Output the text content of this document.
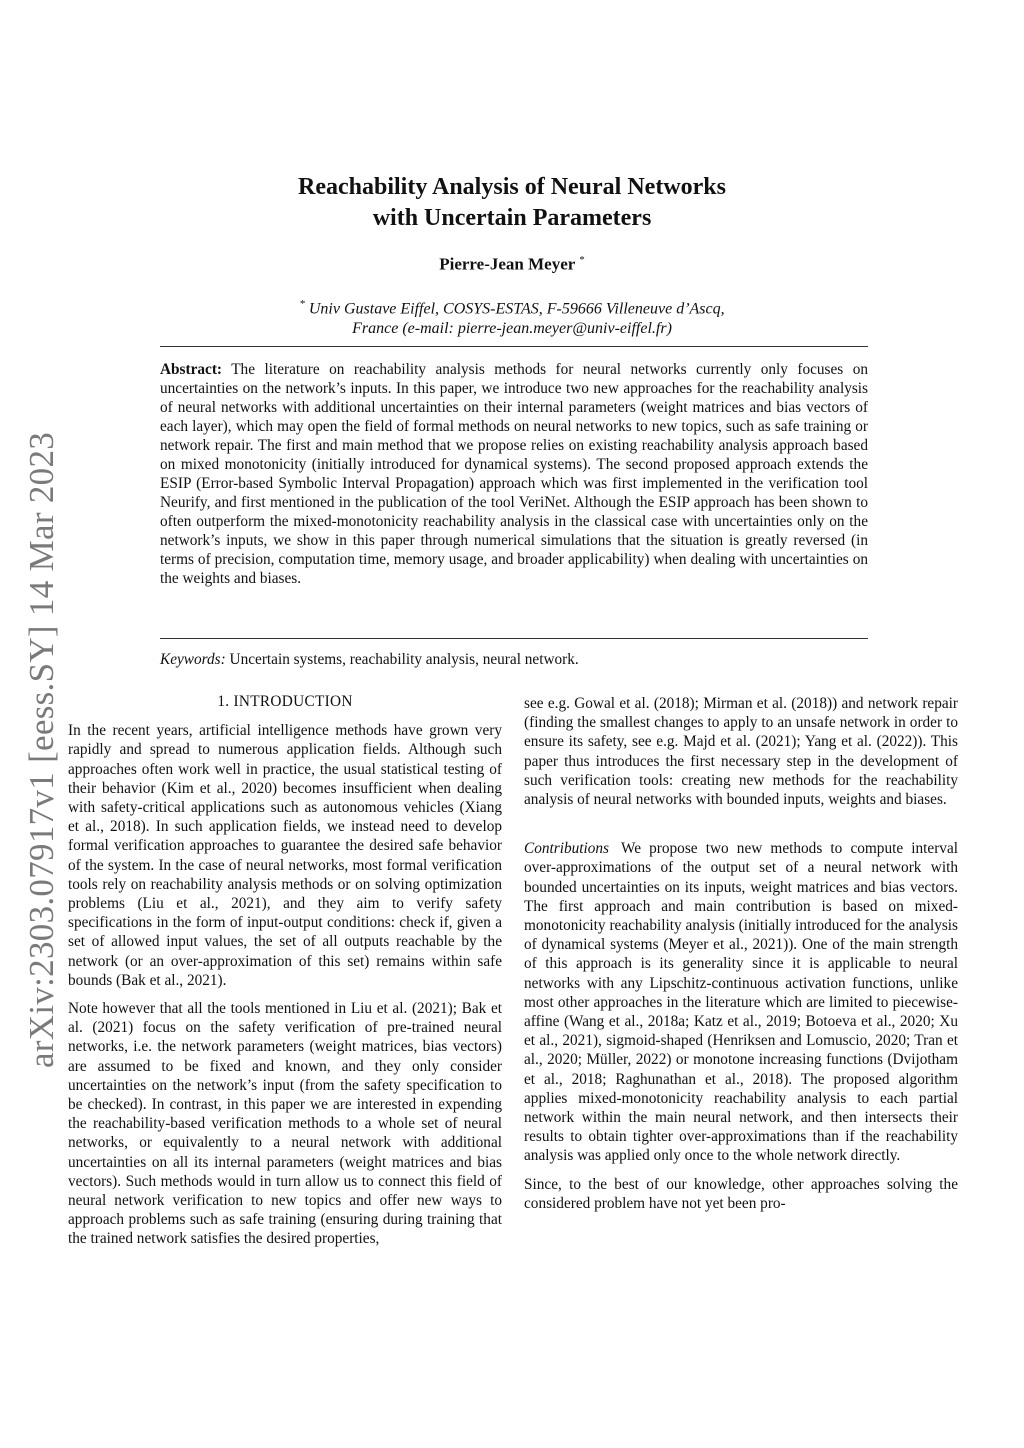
arXiv:2303.07917v1 [eess.SY] 14 Mar 2023
Reachability Analysis of Neural Networks
with Uncertain Parameters

Pierre-Jean Meyer *

* Univ Gustave Eiffel, COSYS-ESTAS, F-59666 Villeneuve d’Ascq,
France (e-mail: pierre-jean.meyer@univ-eiffel.fr)

Abstract: The literature on reachability analysis methods for neural networks currently only focuses on uncertainties on the network’s inputs. In this paper, we introduce two new approaches for the reachability analysis of neural networks with additional uncertainties on their internal parameters (weight matrices and bias vectors of each layer), which may open the field of formal methods on neural networks to new topics, such as safe training or network repair. The first and main method that we propose relies on existing reachability analysis approach based on mixed monotonicity (initially introduced for dynamical systems). The second proposed approach extends the ESIP (Error-based Symbolic Interval Propagation) approach which was first implemented in the verification tool Neurify, and first mentioned in the publication of the tool VeriNet. Although the ESIP approach has been shown to often outperform the mixed-monotonicity reachability analysis in the classical case with uncertainties only on the network’s inputs, we show in this paper through numerical simulations that the situation is greatly reversed (in terms of precision, computation time, memory usage, and broader applicability) when dealing with uncertainties on the weights and biases.

Keywords: Uncertain systems, reachability analysis, neural network.

1. INTRODUCTION

In the recent years, artificial intelligence methods have grown very rapidly and spread to numerous application fields. Although such approaches often work well in practice, the usual statistical testing of their behavior (Kim et al., 2020) becomes insufficient when dealing with safety-critical applications such as autonomous vehicles (Xiang et al., 2018). In such application fields, we instead need to develop formal verification approaches to guarantee the desired safe behavior of the system. In the case of neural networks, most formal verification tools rely on reachability analysis methods or on solving optimization problems (Liu et al., 2021), and they aim to verify safety specifications in the form of input-output conditions: check if, given a set of allowed input values, the set of all outputs reachable by the network (or an over-approximation of this set) remains within safe bounds (Bak et al., 2021).

Note however that all the tools mentioned in Liu et al. (2021); Bak et al. (2021) focus on the safety verification of pre-trained neural networks, i.e. the network parameters (weight matrices, bias vectors) are assumed to be fixed and known, and they only consider uncertainties on the network’s input (from the safety specification to be checked). In contrast, in this paper we are interested in expending the reachability-based verification methods to a whole set of neural networks, or equivalently to a neural network with additional uncertainties on all its internal parameters (weight matrices and bias vectors). Such methods would in turn allow us to connect this field of neural network verification to new topics and offer new ways to approach problems such as safe training (ensuring during training that the trained network satisfies the desired properties,

see e.g. Gowal et al. (2018); Mirman et al. (2018)) and network repair (finding the smallest changes to apply to an unsafe network in order to ensure its safety, see e.g. Majd et al. (2021); Yang et al. (2022)). This paper thus introduces the first necessary step in the development of such verification tools: creating new methods for the reachability analysis of neural networks with bounded inputs, weights and biases.

Contributions We propose two new methods to compute interval over-approximations of the output set of a neural network with bounded uncertainties on its inputs, weight matrices and bias vectors. The first approach and main contribution is based on mixed-monotonicity reachability analysis (initially introduced for the analysis of dynamical systems (Meyer et al., 2021)). One of the main strength of this approach is its generality since it is applicable to neural networks with any Lipschitz-continuous activation functions, unlike most other approaches in the literature which are limited to piecewise-affine (Wang et al., 2018a; Katz et al., 2019; Botoeva et al., 2020; Xu et al., 2021), sigmoid-shaped (Henriksen and Lomuscio, 2020; Tran et al., 2020; Müller, 2022) or monotone increasing functions (Dvijotham et al., 2018; Raghunathan et al., 2018). The proposed algorithm applies mixed-monotonicity reachability analysis to each partial network within the main neural network, and then intersects their results to obtain tighter over-approximations than if the reachability analysis was applied only once to the whole network directly.

Since, to the best of our knowledge, other approaches solving the considered problem have not yet been pro-
